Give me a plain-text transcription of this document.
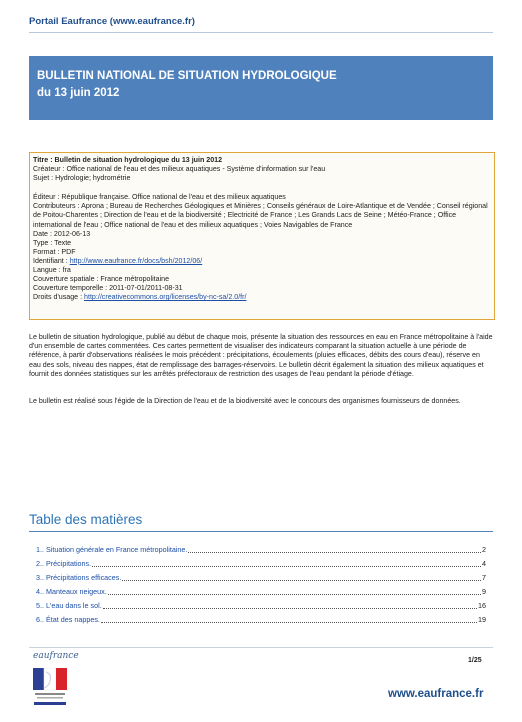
Portail Eaufrance (www.eaufrance.fr)
BULLETIN NATIONAL DE SITUATION HYDROLOGIQUE
du 13 juin 2012
Titre : Bulletin de situation hydrologique du 13 juin 2012
Créateur : Office national de l'eau et des milieux aquatiques - Système d'information sur l'eau
Sujet : Hydrologie; hydrométrie
Éditeur : République française. Office national de l'eau et des milieux aquatiques
Contributeurs : Aprona ; Bureau de Recherches Géologiques et Minières ; Conseils généraux de Loire-Atlantique et de Vendée ; Conseil régional de Poitou-Charentes ; Direction de l'eau et de la biodiversité ; Electricité de France ; Les Grands Lacs de Seine ; Météo-France ; Office international de l'eau ; Office national de l'eau et des milieux aquatiques ; Voies Navigables de France
Date : 2012-06-13
Type : Texte
Format : PDF
Identifiant : http://www.eaufrance.fr/docs/bsh/2012/06/
Langue : fra
Couverture spatiale : France métropolitaine
Couverture temporelle : 2011-07-01/2011-08-31
Droits d'usage : http://creativecommons.org/licenses/by-nc-sa/2.0/fr/
Le bulletin de situation hydrologique, publié au début de chaque mois, présente la situation des ressources en eau en France métropolitaine à l'aide d'un ensemble de cartes commentées. Ces cartes permettent de visualiser des indicateurs comparant la situation actuelle à une période de référence, à partir d'observations réalisées le mois précédent : précipitations, écoulements (pluies efficaces, débits des cours d'eau), réserve en eau des sols, niveau des nappes, état de remplissage des barrages-réservoirs. Le bulletin décrit également la situation des milieux aquatiques et fournit des données statistiques sur les arrêtés préfectoraux de restriction des usages de l'eau pendant la période d'étiage.
Le bulletin est réalisé sous l'égide de la Direction de l'eau et de la biodiversité avec le concours des organismes fournisseurs de données.
Table des matières
1.. Situation générale en France métropolitaine.	2
2.. Précipitations.	4
3.. Précipitations efficaces.	7
4.. Manteaux neigeux.	9
5.. L'eau dans le sol.	16
6.. État des nappes.	19
eaufrance	1/25
www.eaufrance.fr
